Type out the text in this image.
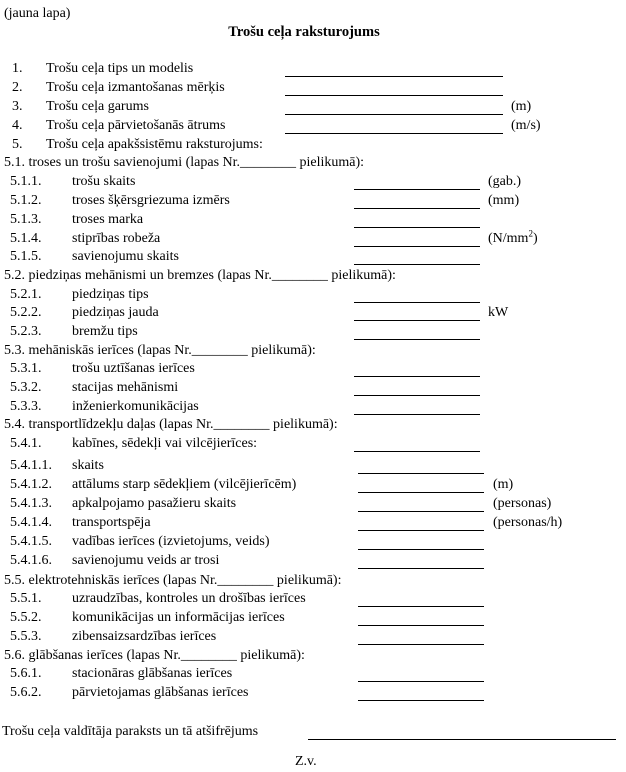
(jauna lapa)
Trošu ceļa raksturojums
1. Trošu ceļa tips un modelis
2. Trošu ceļa izmantošanas mērķis
3. Trošu ceļa garums	(m)
4. Trošu ceļa pārvietošanās ātrums	(m/s)
5. Trošu ceļa apakšsistēmu raksturojums:
5.1. troses un trošu savienojumi (lapas Nr.________ pielikumā):
5.1.1. trošu skaits	(gab.)
5.1.2. troses šķērsgriezuma izmērs	(mm)
5.1.3. troses marka
5.1.4. stiprības robeža	$(N/mm^2)$
5.1.5. savienojumu skaits
5.2. piedziņas mehānismi un bremzes (lapas Nr.________ pielikumā):
5.2.1. piedziņas tips
5.2.2. piedziņas jauda	kW
5.2.3. bremžu tips
5.3. mehāniskās ierīces (lapas Nr.________ pielikumā):
5.3.1. trošu uztīšanas ierīces
5.3.2. stacijas mehānismi
5.3.3. inženierkomunikācijas
5.4. transportlīdzekļu daļas (lapas Nr.________ pielikumā):
5.4.1. kabīnes, sēdekļi vai vilcējierīces:
5.4.1.1. skaits
5.4.1.2. attālums starp sēdekļiem (vilcējierīcēm)	(m)
5.4.1.3. apkalpojamo pasažieru skaits	(personas)
5.4.1.4. transportspēja	(personas/h)
5.4.1.5. vadības ierīces (izvietojums, veids)
5.4.1.6. savienojumu veids ar trosi
5.5. elektrotehniskās ierīces (lapas Nr.________ pielikumā):
5.5.1. uzraudzības, kontroles un drošības ierīces
5.5.2. komunikācijas un informācijas ierīces
5.5.3. zibensaizsardzības ierīces
5.6. glābšanas ierīces (lapas Nr.________ pielikumā):
5.6.1. stacionāras glābšanas ierīces
5.6.2. pārvietojamas glābšanas ierīces
Trošu ceļa valdītāja paraksts un tā atšifrējums
Z.v.
